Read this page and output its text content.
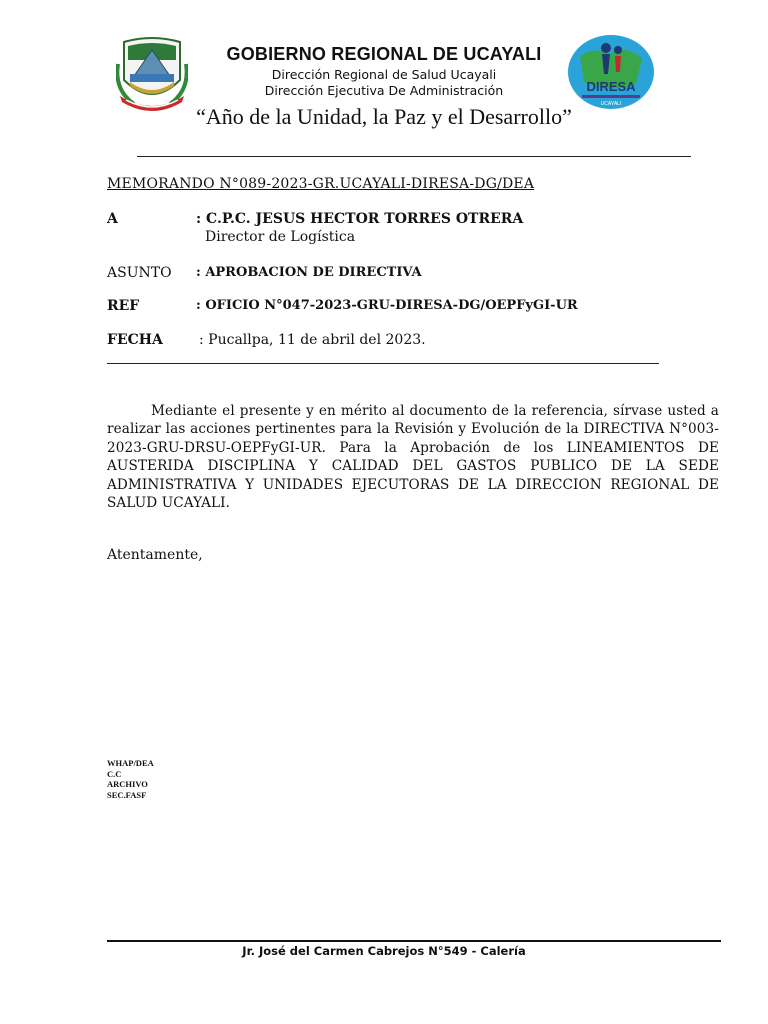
DIRESA
UCAYALI
GOBIERNO REGIONAL DE UCAYALI
Dirección Regional de Salud Ucayali
Dirección Ejecutiva De Administración
“Año de la Unidad, la Paz y el Desarrollo”
MEMORANDO N°089-2023-GR.UCAYALI-DIRESA-DG/DEA
A	: C.P.C. JESUS HECTOR TORRES OTRERA
Director de Logística
ASUNTO : APROBACION DE DIRECTIVA
REF	: OFICIO N°047-2023-GRU-DIRESA-DG/OEPFyGI-UR
FECHA	: Pucallpa, 11 de abril del 2023.
Mediante el presente y en mérito al documento de la referencia, sírvase usted a realizar las acciones pertinentes para la Revisión y Evolución de la DIRECTIVA N°003-2023-GRU-DRSU-OEPFyGI-UR. Para la Aprobación de los LINEAMIENTOS DE AUSTERIDA DISCIPLINA Y CALIDAD DEL GASTOS PUBLICO DE LA SEDE ADMINISTRATIVA Y UNIDADES EJECUTORAS DE LA DIRECCION REGIONAL DE SALUD UCAYALI.
Atentamente,
WHAP/DEA
C.C
ARCHIVO
SEC.FASF
Jr. José del Carmen Cabrejos N°549 - Calería
